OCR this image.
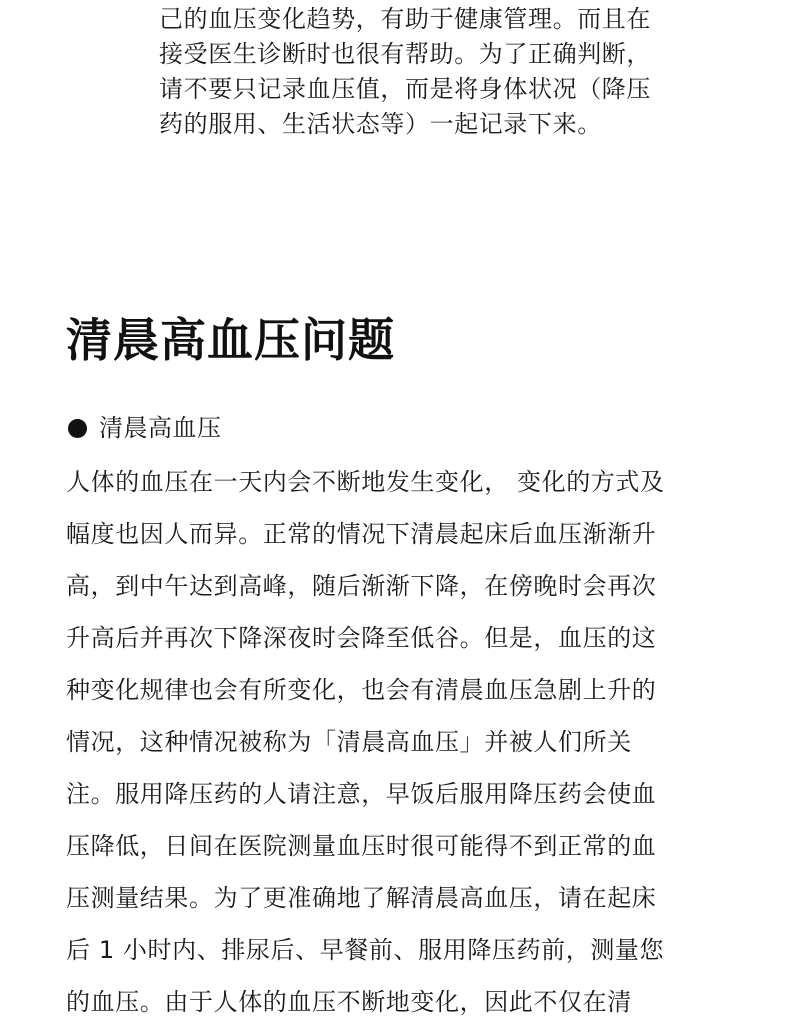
己的血压变化趋势，有助于健康管理。而且在
接受医生诊断时也很有帮助。为了正确判断，
请不要只记录血压值，而是将身体状况（降压
药的服用、生活状态等）一起记录下来。
清晨高血压问题
清晨高血压
人体的血压在一天内会不断地发生变化， 变化的方式及
幅度也因人而异。正常的情况下清晨起床后血压渐渐升
高，到中午达到高峰，随后渐渐下降，在傍晚时会再次
升高后并再次下降深夜时会降至低谷。但是，血压的这
种变化规律也会有所变化，也会有清晨血压急剧上升的
情况，这种情况被称为「清晨高血压」并被人们所关
注。服用降压药的人请注意，早饭后服用降压药会使血
压降低，日间在医院测量血压时很可能得不到正常的血
压测量结果。为了更准确地了解清晨高血压，请在起床
后 1 小时内、排尿后、早餐前、服用降压药前，测量您
的血压。由于人体的血压不断地变化，因此不仅在清
